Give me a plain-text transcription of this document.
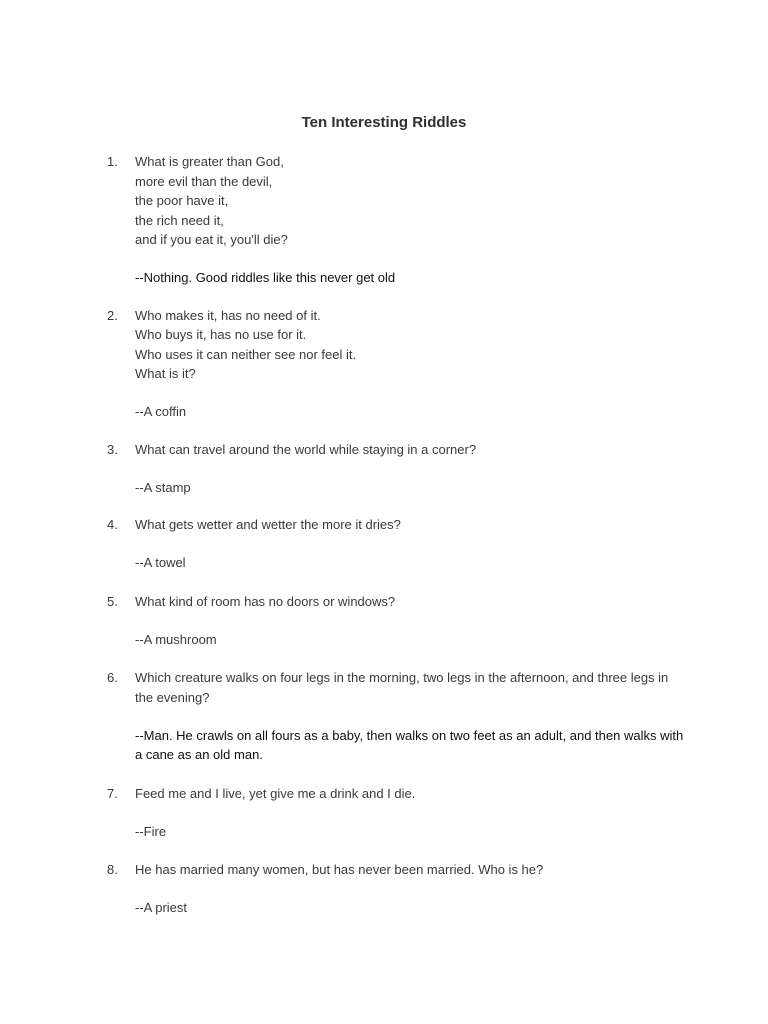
Ten Interesting Riddles
1. What is greater than God,
more evil than the devil,
the poor have it,
the rich need it,
and if you eat it, you'll die?
--Nothing. Good riddles like this never get old
2. Who makes it, has no need of it.
Who buys it, has no use for it.
Who uses it can neither see nor feel it.
What is it?
--A coffin
3. What can travel around the world while staying in a corner?
--A stamp
4. What gets wetter and wetter the more it dries?
--A towel
5. What kind of room has no doors or windows?
--A mushroom
6. Which creature walks on four legs in the morning, two legs in the afternoon, and three legs in the evening?
--Man. He crawls on all fours as a baby, then walks on two feet as an adult, and then walks with a cane as an old man.
7. Feed me and I live, yet give me a drink and I die.
--Fire
8. He has married many women, but has never been married. Who is he?
--A priest
